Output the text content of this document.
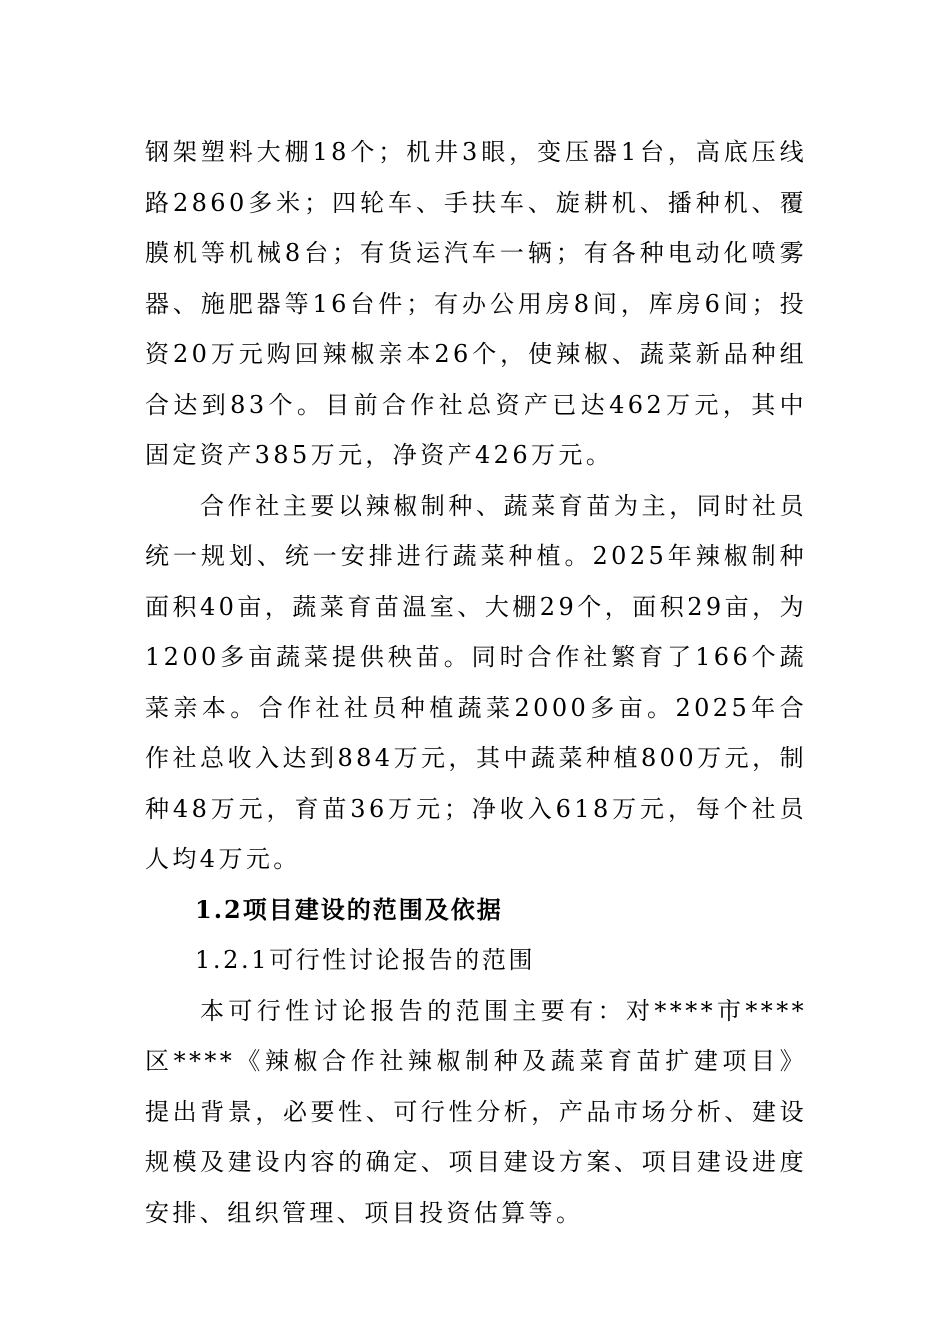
钢架塑料大棚18个；机井3眼，变压器1台，高底压线路2860多米；四轮车、手扶车、旋耕机、播种机、覆膜机等机械8台；有货运汽车一辆；有各种电动化喷雾器、施肥器等16台件；有办公用房8间，库房6间；投资20万元购回辣椒亲本26个，使辣椒、蔬菜新品种组合达到83个。目前合作社总资产已达462万元，其中固定资产385万元，净资产426万元。

合作社主要以辣椒制种、蔬菜育苗为主，同时社员统一规划、统一安排进行蔬菜种植。2025年辣椒制种面积40亩，蔬菜育苗温室、大棚29个，面积29亩，为1200多亩蔬菜提供秧苗。同时合作社繁育了166个蔬菜亲本。合作社社员种植蔬菜2000多亩。2025年合作社总收入达到884万元，其中蔬菜种植800万元，制种48万元，育苗36万元；净收入618万元，每个社员人均4万元。

1.2项目建设的范围及依据

1.2.1可行性讨论报告的范围

本可行性讨论报告的范围主要有：对****市****区****《辣椒合作社辣椒制种及蔬菜育苗扩建项目》提出背景，必要性、可行性分析，产品市场分析、建设规模及建设内容的确定、项目建设方案、项目建设进度安排、组织管理、项目投资估算等。
